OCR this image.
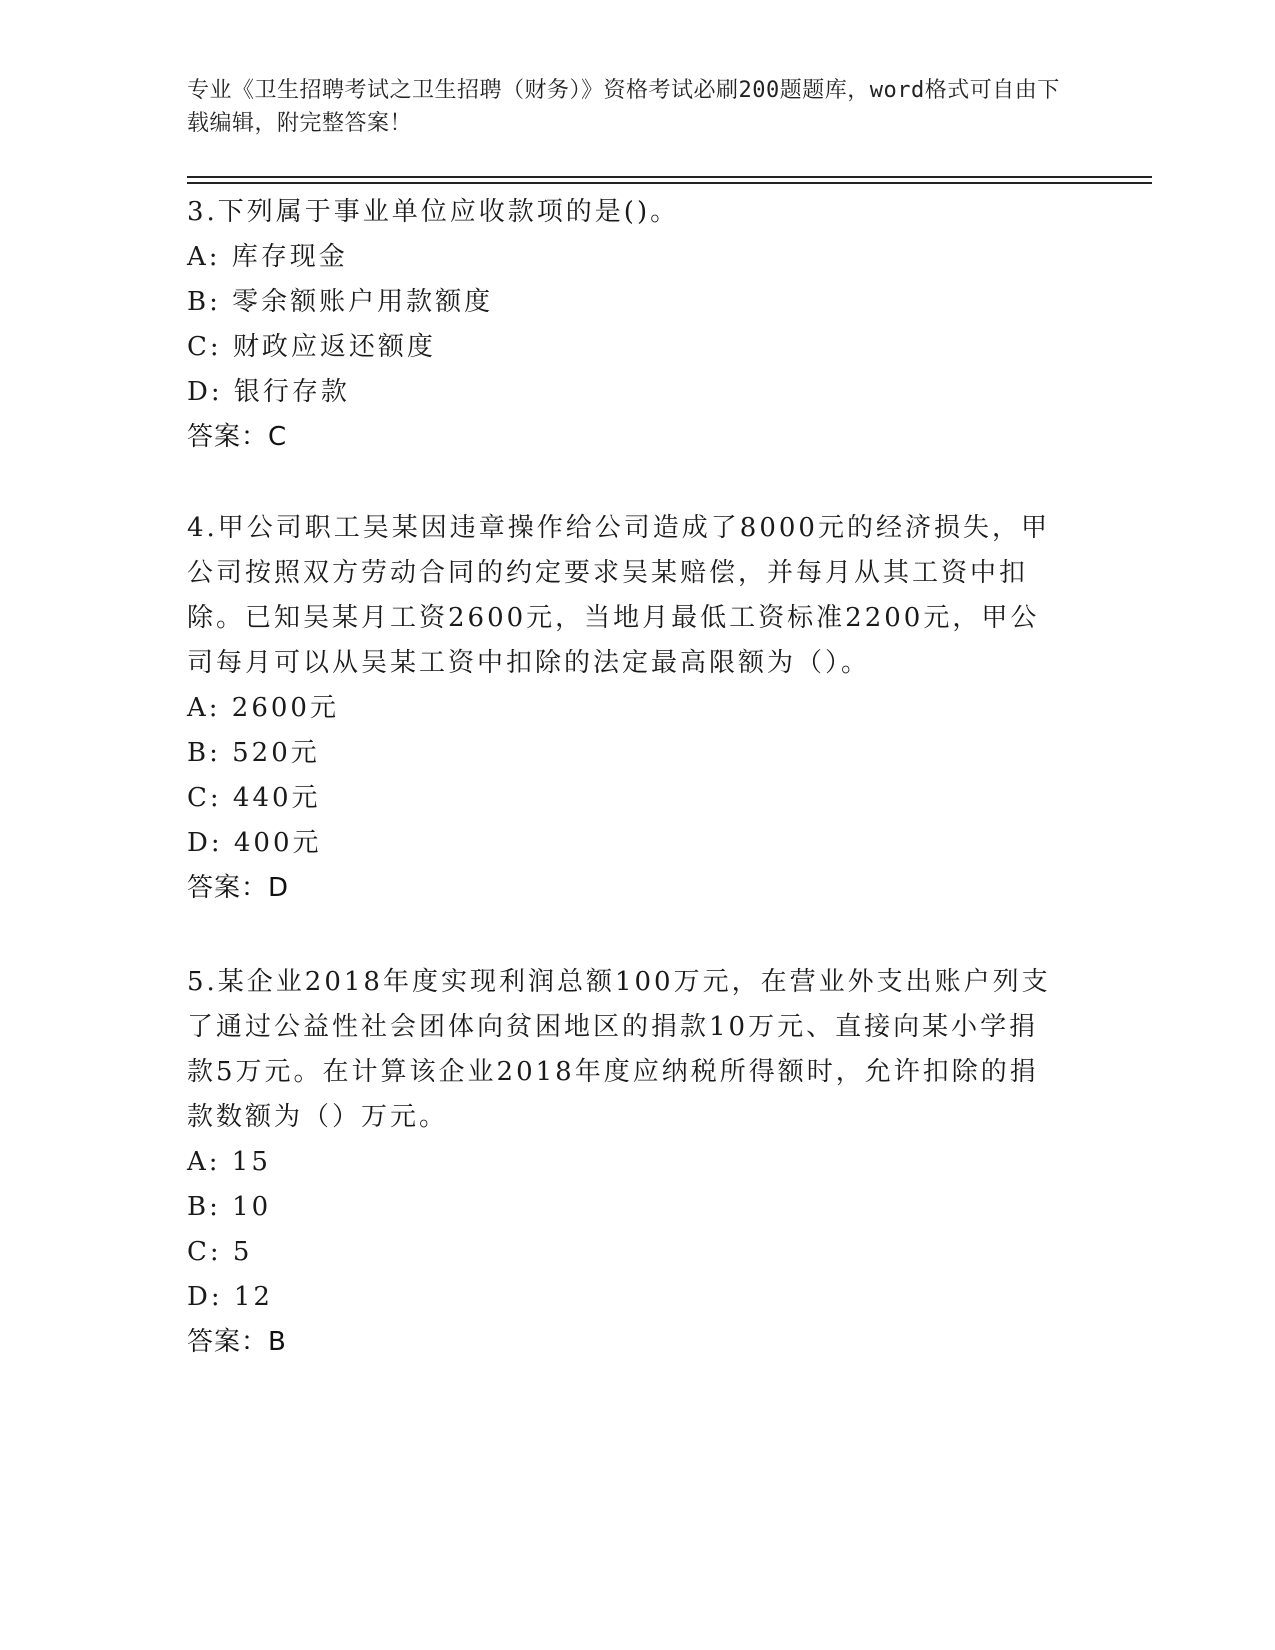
专业《卫生招聘考试之卫生招聘（财务）》资格考试必刷200题题库，word格式可自由下载编辑，附完整答案！

3.下列属于事业单位应收款项的是()。

A: 库存现金

B: 零余额账户用款额度

C: 财政应返还额度

D: 银行存款

答案：C

4.甲公司职工吴某因违章操作给公司造成了8000元的经济损失，甲公司按照双方劳动合同的约定要求吴某赔偿，并每月从其工资中扣除。已知吴某月工资2600元，当地月最低工资标准2200元，甲公司每月可以从吴某工资中扣除的法定最高限额为（）。

A: 2600元

B: 520元

C: 440元

D: 400元

答案：D

5.某企业2018年度实现利润总额100万元，在营业外支出账户列支了通过公益性社会团体向贫困地区的捐款10万元、直接向某小学捐款5万元。在计算该企业2018年度应纳税所得额时，允许扣除的捐款数额为（）万元。

A: 15

B: 10

C: 5

D: 12

答案：B
